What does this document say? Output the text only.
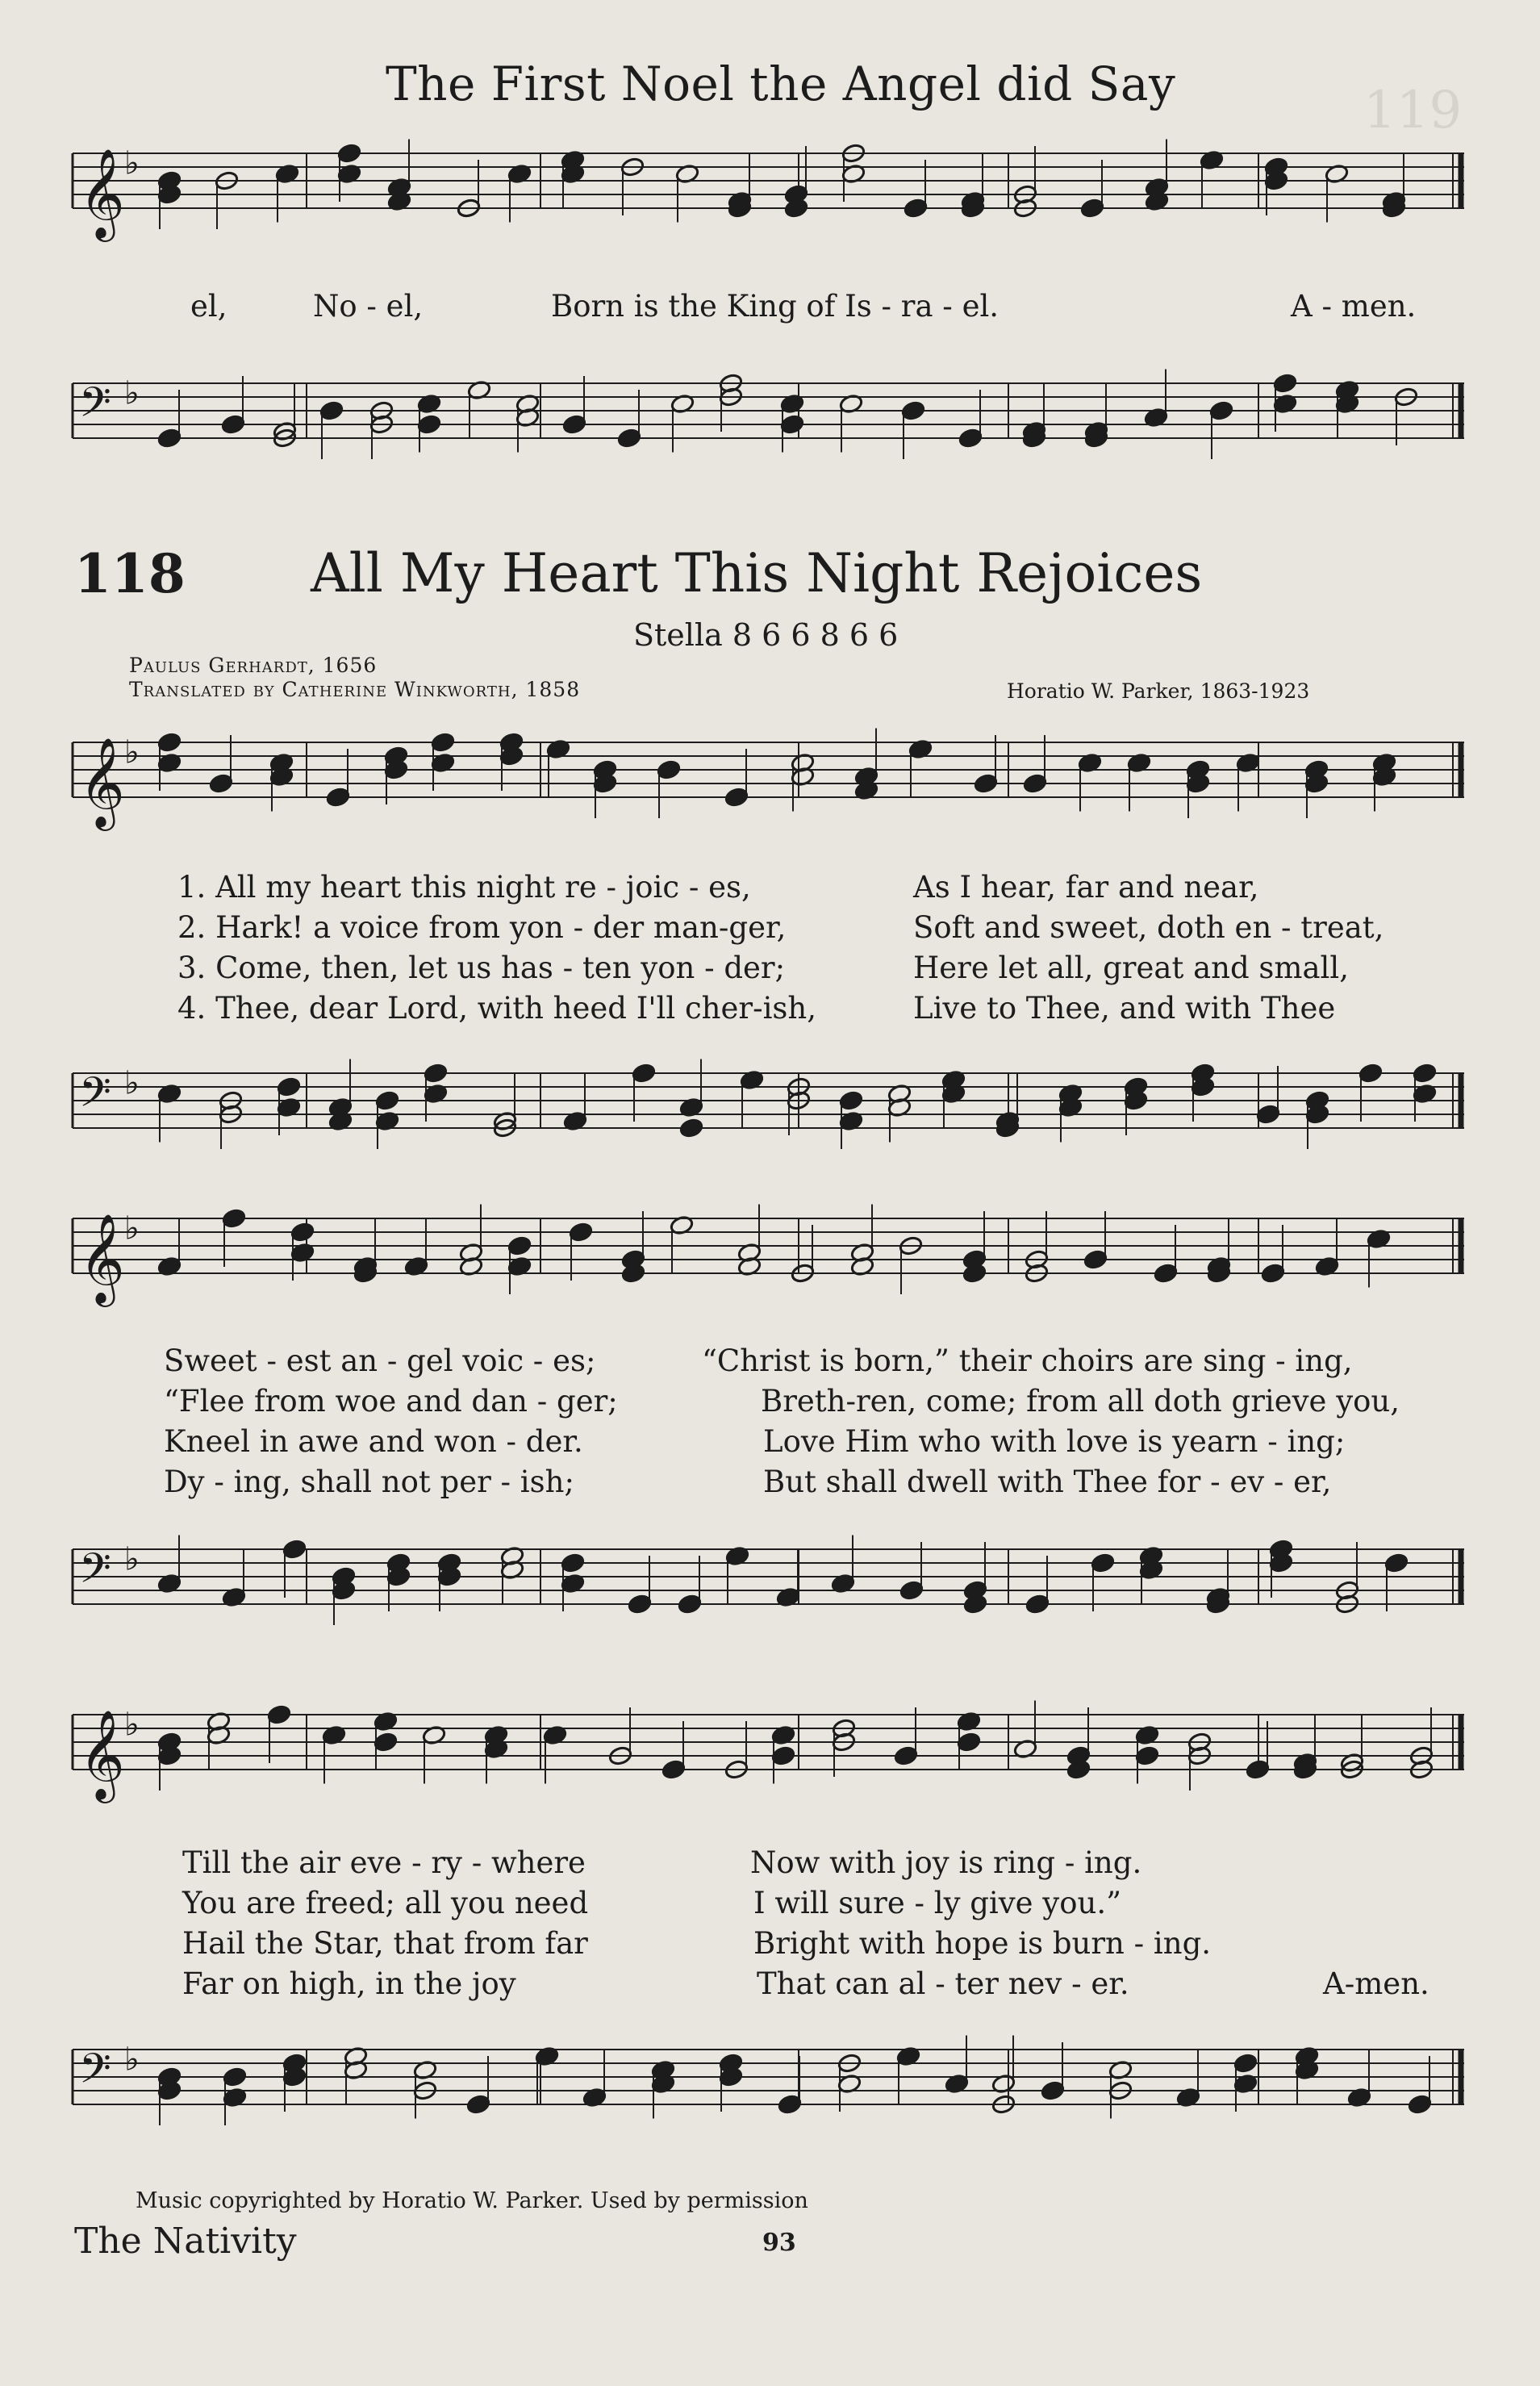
119
The First Noel the Angel did Say
𝄞 ♭
el,	No - el,	Born is the King of Is - ra - el.	A - men.
𝄢 ♭
118 All My Heart This Night Rejoices
Stella 8 6 6 8 6 6
Paulus Gerhardt, 1656
Translated by Catherine Winkworth, 1858	Horatio W. Parker, 1863-1923
𝄞 ♭
1. All my heart this night re - joic - es,	As I hear, far and near,
2. Hark! a voice from yon - der man-ger,	Soft and sweet, doth en - treat,
3. Come, then, let us has - ten yon - der;	Here let all, great and small,
4. Thee, dear Lord, with heed I'll cher-ish,	Live to Thee, and with Thee
𝄢 ♭
𝄞 ♭
Sweet - est an - gel voic - es;	“Christ is born,” their choirs are sing - ing,
“Flee from woe and dan - ger;	Breth-ren, come; from all doth grieve you,
Kneel in awe and won - der.	Love Him who with love is yearn - ing;
Dy - ing, shall not per - ish;	But shall dwell with Thee for - ev - er,
𝄢 ♭
𝄞 ♭
Till the air eve - ry - where	Now with joy is ring - ing.
You are freed; all you need	I will sure - ly give you.”
Hail the Star, that from far	Bright with hope is burn - ing.
Far on high, in the joy	That can al - ter nev - er.	A-men.
𝄢 ♭
Music copyrighted by Horatio W. Parker. Used by permission
The Nativity	93
